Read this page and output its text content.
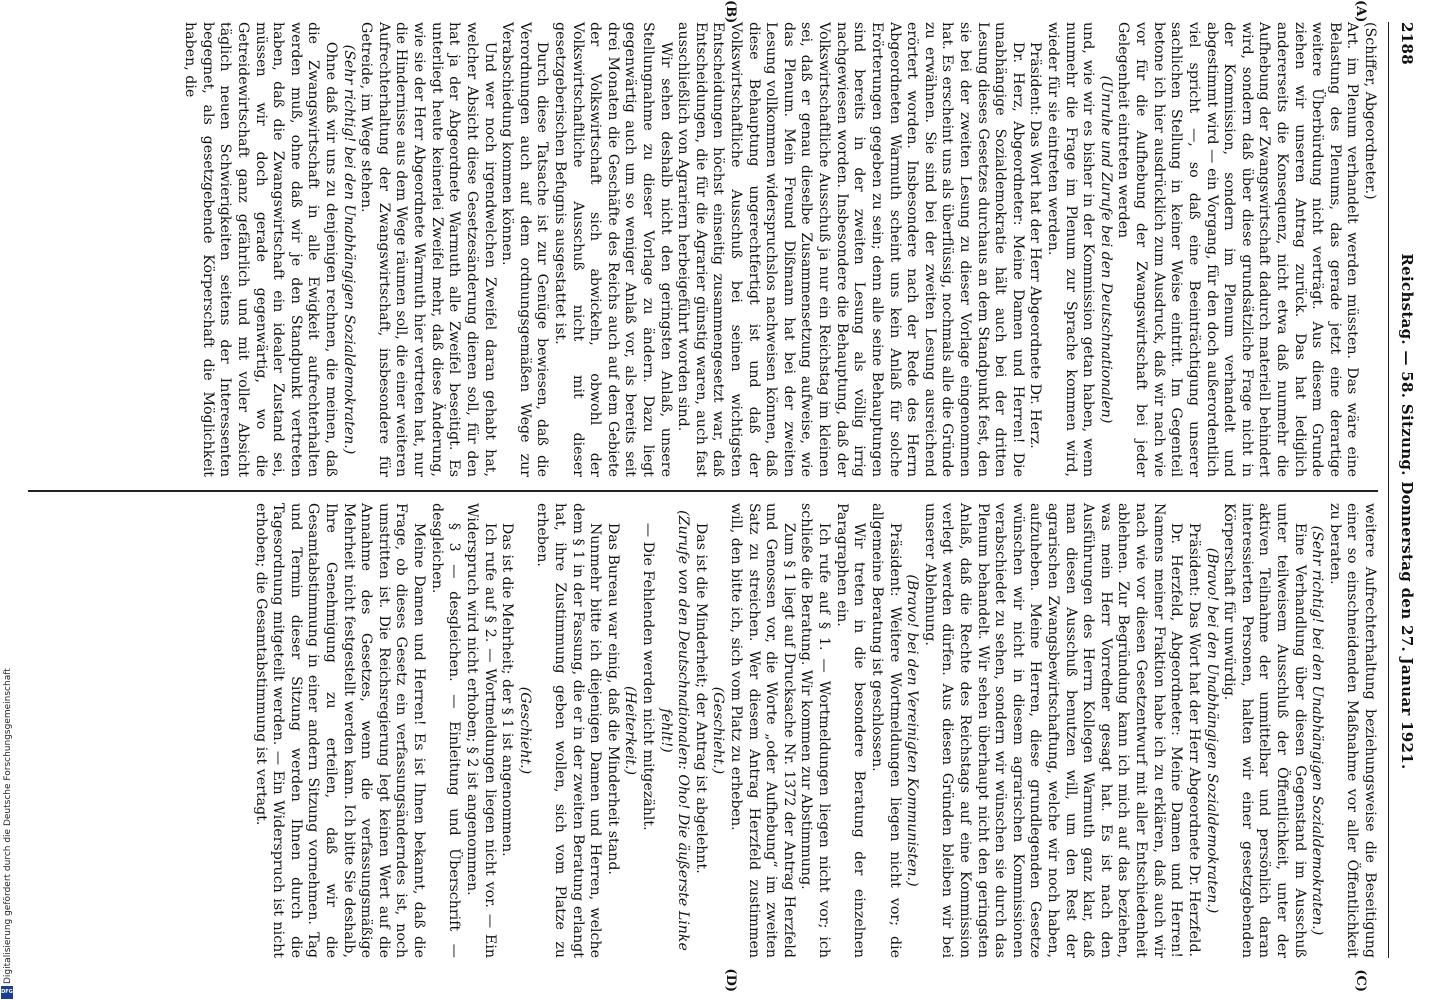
Digitalisierung gefördert durch die Deutsche Forschungsgemeinschaft
DFG
2188
Reichstag. — 58. Sitzung. Donnerstag den 27. Januar 1921.
(A)
(B)

(Schiffer, Abgeordneter.)

Art. im Plenum verhandelt werden müssten. Das wäre eine Belastung des Plenums, das gerade jetzt eine derartige weitere Überbürdung nicht verträgt. Aus diesem Grunde ziehen wir unseren Antrag zurück. Das hat lediglich andererseits die Konsequenz, nicht etwa daß nunmehr die Aufhebung der Zwangswirtschaft dadurch materiell behindert wird, sondern daß über diese grundsätzliche Frage nicht in der Kommission, sondern im Plenum verhandelt und abgestimmt wird — ein Vorgang, für den doch außerordentlich viel spricht —, so daß eine Beeinträchtigung unserer sachlichen Stellung in keiner Weise eintritt. Im Gegenteil betone ich hier ausdrücklich zum Ausdruck, daß wir nach wie vor für die Aufhebung der Zwangswirtschaft bei jeder Gelegenheit eintreten werden

(Unruhe und Zurufe bei den Deutschnationalen)

und, wie wir es bisher in der Kommission getan haben, wenn nunmehr die Frage im Plenum zur Sprache kommen wird, wieder für sie eintreten werden.

Präsident: Das Wort hat der Herr Abgeordnete Dr. Herz.

Dr. Herz, Abgeordneter: Meine Damen und Herren! Die unabhängige Sozialdemokratie hält auch bei der dritten Lesung dieses Gesetzes durchaus an dem Standpunkt fest, den sie bei der zweiten Lesung zu dieser Vorlage eingenommen hat. Es erscheint uns als überflüssig, nochmals alle die Gründe zu erwähnen. Sie sind bei der zweiten Lesung ausreichend erörtert worden. Insbesondere nach der Rede des Herrn Abgeordneten Warmuth scheint uns kein Anlaß für solche Erörterungen gegeben zu sein; denn alle seine Behauptungen sind bereits in der zweiten Lesung als völlig irrig nachgewiesen worden. Insbesondere die Behauptung, daß der Volkswirtschaftliche Ausschuß ja nur ein Reichstag im kleinen sei, daß er genau dieselbe Zusammensetzung aufweise, wie das Plenum. Mein Freund Dißmann hat bei der zweiten Lesung vollkommen widerspruchslos nachweisen können, daß diese Behauptung ungerechtfertigt ist und daß der Volkswirtschaftliche Ausschuß bei seinen wichtigsten Entscheidungen höchst einseitig zusammengesetzt war, daß Entscheidungen, die für die Agrarier günstig waren, auch fast ausschließlich von Agrariern herbeigeführt worden sind.

Wir sehen deshalb nicht den geringsten Anlaß, unsere Stellungnahme zu dieser Vorlage zu ändern. Dazu liegt gegenwärtig auch um so weniger Anlaß vor, als bereits seit drei Monaten die Geschäfte des Reichs auch auf dem Gebiete der Volkswirtschaft sich abwickeln, obwohl der Volkswirtschaftliche Ausschuß nicht mit dieser gesetzgeberischen Befugnis ausgestattet ist.

Durch diese Tatsache ist zur Genüge bewiesen, daß die Verordnungen auch auf dem ordnungsgemäßen Wege zur Verabschiedung kommen können.

Und wer noch irgendwelchen Zweifel daran gehabt hat, welcher Absicht diese Gesetzesänderung dienen soll, für den hat ja der Abgeordnete Warmuth alle Zweifel beseitigt. Es unterliegt heute keinerlei Zweifel mehr, daß diese Änderung, wie sie der Herr Abgeordnete Warmuth hier vertreten hat, nur die Hindernisse aus dem Wege räumen soll, die einer weiteren Aufrechterhaltung der Zwangswirtschaft, insbesondere für Getreide, im Wege stehen.

(Sehr richtig! bei den Unabhängigen Sozialdemokraten.)

Ohne daß wir uns zu denjenigen rechnen, die meinen, daß die Zwangswirtschaft in alle Ewigkeit aufrechterhalten werden muß, ohne daß wir je den Standpunkt vertreten haben, daß die Zwangswirtschaft ein idealer Zustand sei, müssen wir doch gerade gegenwärtig, wo die Getreidewirtschaft ganz gefährlich und mit voller Absicht täglich neuen Schwierigkeiten seitens der Interessenten begegnet, als gesetzgebende Körperschaft die Möglichkeit haben, die

(C)
(D)

weitere Aufrechterhaltung beziehungsweise die Beseitigung einer so einschneidenden Maßnahme vor aller Öffentlichkeit zu beraten.

(Sehr richtig! bei den Unabhängigen Sozialdemokraten.)

Eine Verhandlung über diesen Gegenstand im Ausschuß unter teilweisem Ausschluß der Öffentlichkeit, unter der aktiven Teilnahme der unmittelbar und persönlich daran interessierten Personen, halten wir einer gesetzgebenden Körperschaft für unwürdig.

(Bravo! bei den Unabhängigen Sozialdemokraten.)

Präsident: Das Wort hat der Herr Abgeordnete Dr. Herzfeld.

Dr. Herzfeld, Abgeordneter: Meine Damen und Herren! Namens meiner Fraktion habe ich zu erklären, daß auch wir nach wie vor diesen Gesetzentwurf mit aller Entschiedenheit ablehnen. Zur Begründung kann ich mich auf das beziehen, was mein Herr Vorredner gesagt hat. Es ist nach den Ausführungen des Herrn Kollegen Warmuth ganz klar, daß man diesen Ausschuß benutzen will, um den Rest der agrarischen Zwangsbewirtschaftung, welche wir noch haben, aufzuheben. Meine Herren, diese grundlegenden Gesetze wünschen wir nicht in diesem agrarischen Kommissionen verabschiedet zu sehen, sondern wir wünschen sie durch das Plenum behandelt. Wir sehen überhaupt nicht den geringsten Anlaß, daß die Rechte des Reichstags auf eine Kommission verlegt werden dürfen. Aus diesen Gründen bleiben wir bei unserer Ablehnung.

(Bravo! bei den Vereinigten Kommunisten.)

Präsident: Weitere Wortmeldungen liegen nicht vor; die allgemeine Beratung ist geschlossen.

Wir treten in die besondere Beratung der einzelnen Paragraphen ein.

Ich rufe auf § 1. — Wortmeldungen liegen nicht vor; ich schließe die Beratung. Wir kommen zur Abstimmung.

Zum § 1 liegt auf Drucksache Nr. 1372 der Antrag Herzfeld und Genossen vor, die Worte „oder Aufhebung“ im zweiten Satz zu streichen. Wer diesem Antrag Herzfeld zustimmen will, den bitte ich, sich vom Platz zu erheben.

(Geschieht.)

Das ist die Minderheit; der Antrag ist abgelehnt.

(Zurufe von den Deutschnationalen: Oho! Die äußerste Linke fehlt!)

— Die Fehlenden werden nicht mitgezählt.

(Heiterkeit.)

Das Bureau war einig, daß die Minderheit stand.

Nunmehr bitte ich diejenigen Damen und Herren, welche dem § 1 in der Fassung, die er in der zweiten Beratung erlangt hat, ihre Zustimmung geben wollen, sich vom Platze zu erheben.

(Geschieht.)

Das ist die Mehrheit; der § 1 ist angenommen.

Ich rufe auf § 2. — Wortmeldungen liegen nicht vor. — Ein Widerspruch wird nicht erhoben; § 2 ist angenommen.

§ 3 — desgleichen. — Einleitung und Überschrift — desgleichen.

Meine Damen und Herren! Es ist Ihnen bekannt, daß die Frage, ob dieses Gesetz ein verfassungsänderndes ist, noch umstritten ist. Die Reichsregierung legt keinen Wert auf die Annahme des Gesetzes, wenn die verfassungsmäßige Mehrheit nicht festgestellt werden kann. Ich bitte Sie deshalb, Ihre Genehmigung zu erteilen, daß wir die Gesamtabstimmung in einer andern Sitzung vornehmen. Tag und Termin dieser Sitzung werden Ihnen durch die Tagesordnung mitgeteilt werden. — Ein Widerspruch ist nicht erhoben; die Gesamtabstimmung ist vertagt.
